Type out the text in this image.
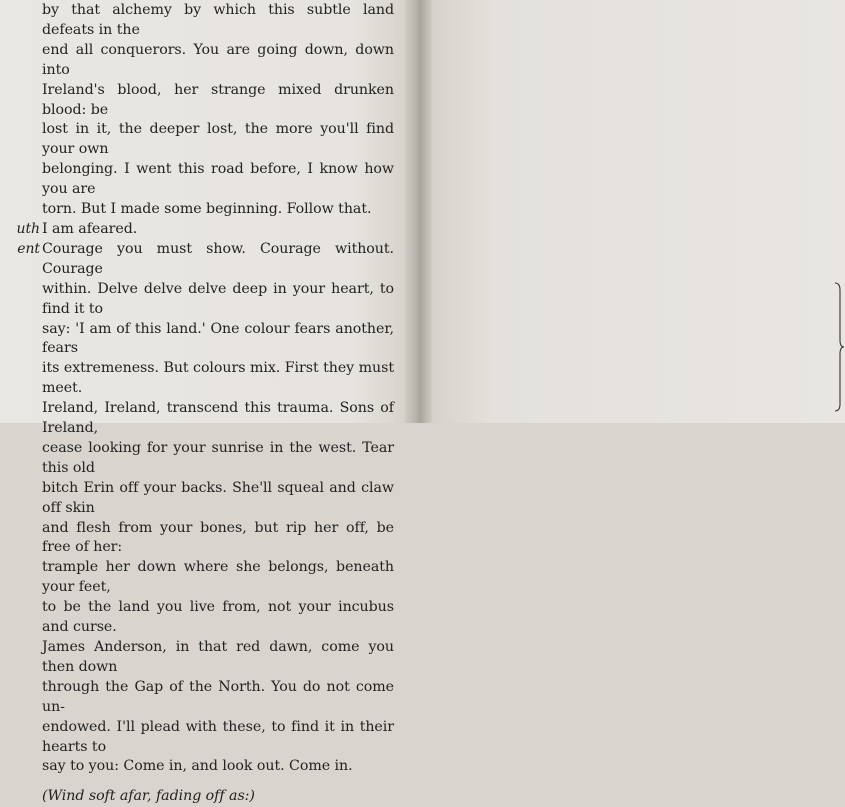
by that alchemy by which this subtle land defeats in the

end all conquerors. You are going down, down into

Ireland's blood, her strange mixed drunken blood: be

lost in it, the deeper lost, the more you'll find your own

belonging. I went this road before, I know how you are

torn. But I made some beginning. Follow that.

uth I am afeared.

ent Courage you must show. Courage without. Courage

within. Delve delve delve deep in your heart, to find it to

say: 'I am of this land.' One colour fears another, fears

its extremeness. But colours mix. First they must meet.

Ireland, Ireland, transcend this trauma. Sons of Ireland,

cease looking for your sunrise in the west. Tear this old

bitch Erin off your backs. She'll squeal and claw off skin

and flesh from your bones, but rip her off, be free of her:

trample her down where she belongs, beneath your feet,

to be the land you live from, not your incubus and curse.

James Anderson, in that red dawn, come you then down

through the Gap of the North. You do not come un-

endowed. I'll plead with these, to find it in their hearts to

say to you: Come in, and look out. Come in.

(Wind soft afar, fading off as:)
